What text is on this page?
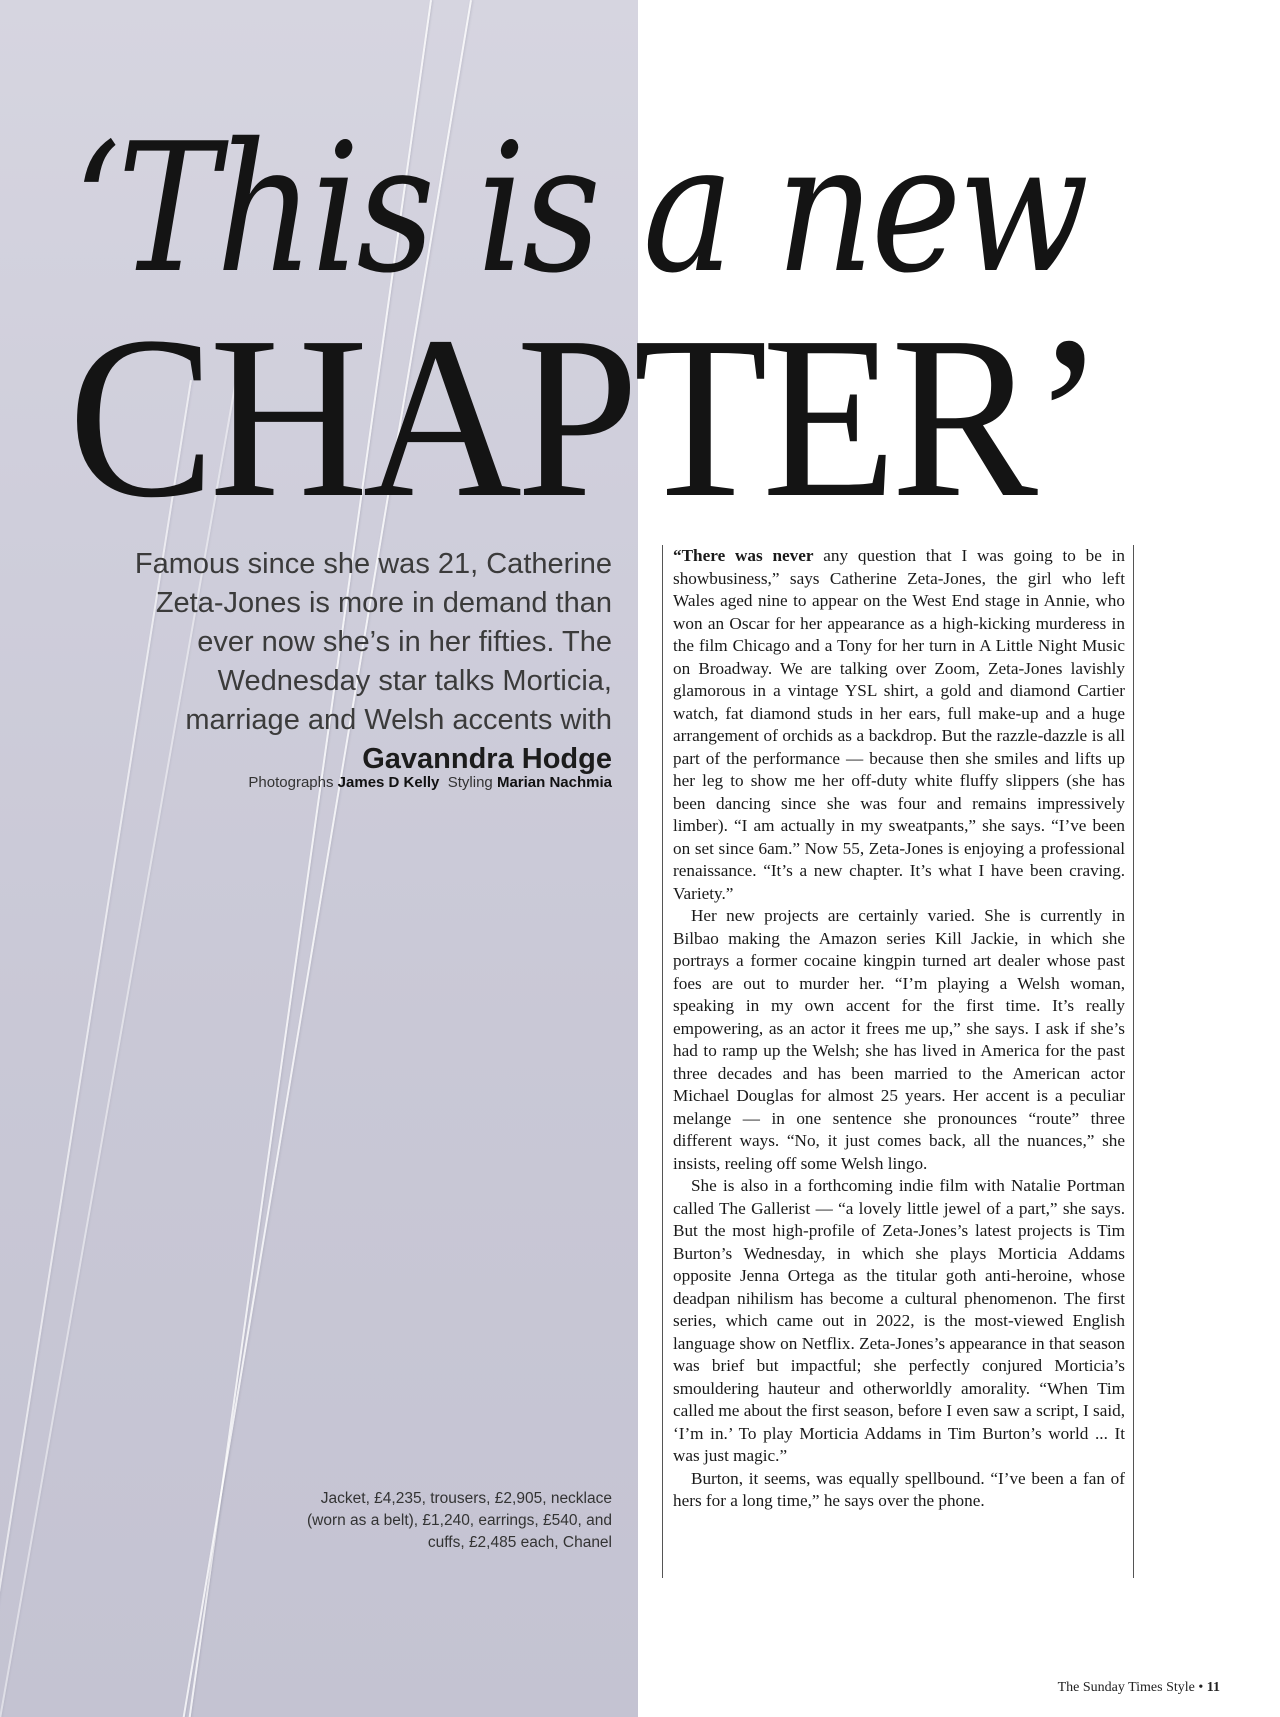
‘This is a new
CHAPTER’
Famous since she was 21, Catherine Zeta-Jones is more in demand than ever now she’s in her fifties. The Wednesday star talks Morticia, marriage and Welsh accents with Gavanndra Hodge
Photographs James D Kelly Styling Marian Nachmia
Jacket, £4,235, trousers, £2,905, necklace (worn as a belt), £1,240, earrings, £540, and cuffs, £2,485 each, Chanel

“There was never any question that I was going to be in showbusiness,” says Catherine Zeta-Jones, the girl who left Wales aged nine to appear on the West End stage in Annie, who won an Oscar for her appearance as a high-kicking murderess in the film Chicago and a Tony for her turn in A Little Night Music on Broadway. We are talking over Zoom, Zeta-Jones lavishly glamorous in a vintage YSL shirt, a gold and diamond Cartier watch, fat diamond studs in her ears, full make-up and a huge arrangement of orchids as a backdrop. But the razzle-dazzle is all part of the performance — because then she smiles and lifts up her leg to show me her off-duty white fluffy slippers (she has been dancing since she was four and remains impressively limber). “I am actually in my sweatpants,” she says. “I’ve been on set since 6am.” Now 55, Zeta-Jones is enjoying a professional renaissance. “It’s a new chapter. It’s what I have been craving. Variety.”

Her new projects are certainly varied. She is currently in Bilbao making the Amazon series Kill Jackie, in which she portrays a former cocaine kingpin turned art dealer whose past foes are out to murder her. “I’m playing a Welsh woman, speaking in my own accent for the first time. It’s really empowering, as an actor it frees me up,” she says. I ask if she’s had to ramp up the Welsh; she has lived in America for the past three decades and has been married to the American actor Michael Douglas for almost 25 years. Her accent is a peculiar melange — in one sentence she pronounces “route” three different ways. “No, it just comes back, all the nuances,” she insists, reeling off some Welsh lingo.

She is also in a forthcoming indie film with Natalie Portman called The Gallerist — “a lovely little jewel of a part,” she says. But the most high-profile of Zeta-Jones’s latest projects is Tim Burton’s Wednesday, in which she plays Morticia Addams opposite Jenna Ortega as the titular goth anti-heroine, whose deadpan nihilism has become a cultural phenomenon. The first series, which came out in 2022, is the most-viewed English language show on Netflix. Zeta-Jones’s appearance in that season was brief but impactful; she perfectly conjured Morticia’s smouldering hauteur and otherworldly amorality. “When Tim called me about the first season, before I even saw a script, I said, ‘I’m in.’ To play Morticia Addams in Tim Burton’s world ... It was just magic.”

Burton, it seems, was equally spellbound. “I’ve been a fan of hers for a long time,” he says over the phone.

The Sunday Times Style • 11
